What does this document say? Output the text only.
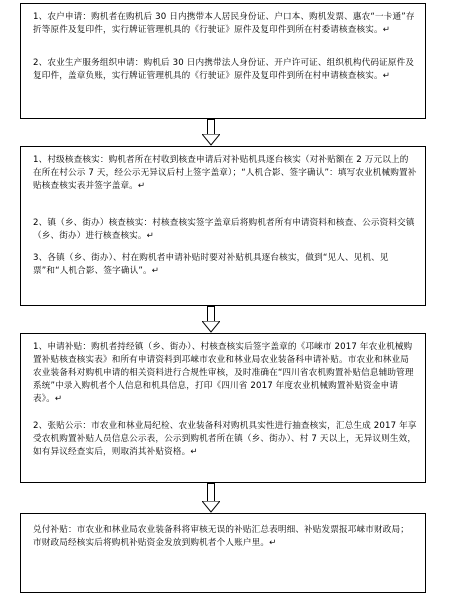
1、农户申请：购机者在购机后 30 日内携带本人居民身份证、户口本、购机发票、惠农“一卡通”存折等原件及复印件，实行牌证管理机具的《行驶证》原件及复印件到所在村委请核查核实。↵
2、农业生产服务组织申请：购机后 30 日内携带法人身份证、开户许可证、组织机构代码证原件及复印件，盖章负账，实行牌证管理机具的《行驶证》原件及复印件到所在村申请核查核实。↵
1、村级核查核实：购机者所在村收到核查申请后对补贴机具逐台核实（对补贴额在 2 万元以上的在所在村公示 7 天，经公示无异议后村上签字盖章）；“人机合影、签字确认”：填写农业机械购置补贴核查核实表并签字盖章。↵
2、镇（乡、街办）核查核实：村核查核实签字盖章后将购机者所有申请资料和核查、公示资料交镇（乡、街办）进行核查核实。↵
3、各镇（乡、街办）、村在购机者申请补贴时要对补贴机具逐台核实，做到“见人、见机、见票”和“人机合影、签字确认”。↵
1、申请补贴：购机者持经镇（乡、街办）、村核查核实后签字盖章的《邛崃市 2017 年农业机械购置补贴核查核实表》和所有申请资料到邛崃市农业和林业局农业装备科申请补贴。市农业和林业局农业装备科对购机申请的相关资料进行合规性审核，及时准确在“四川省农机购置补贴信息辅助管理系统”中录入购机者个人信息和机具信息，打印《四川省 2017 年度农业机械购置补贴资金申请表》。↵
2、张贴公示：市农业和林业局纪检、农业装备科对购机具实性进行抽查核实，汇总生成 2017 年享受农机购置补贴人员信息公示表，公示到购机者所在镇（乡、街办）、村 7 天以上，无异议则生效，如有异议经查实后，则取消其补贴资格。↵
兑付补贴：市农业和林业局农业装备科将审核无误的补贴汇总表明细、补贴发票报邛崃市财政局；市财政局经核实后将购机补贴资金发放到购机者个人账户里。↵
